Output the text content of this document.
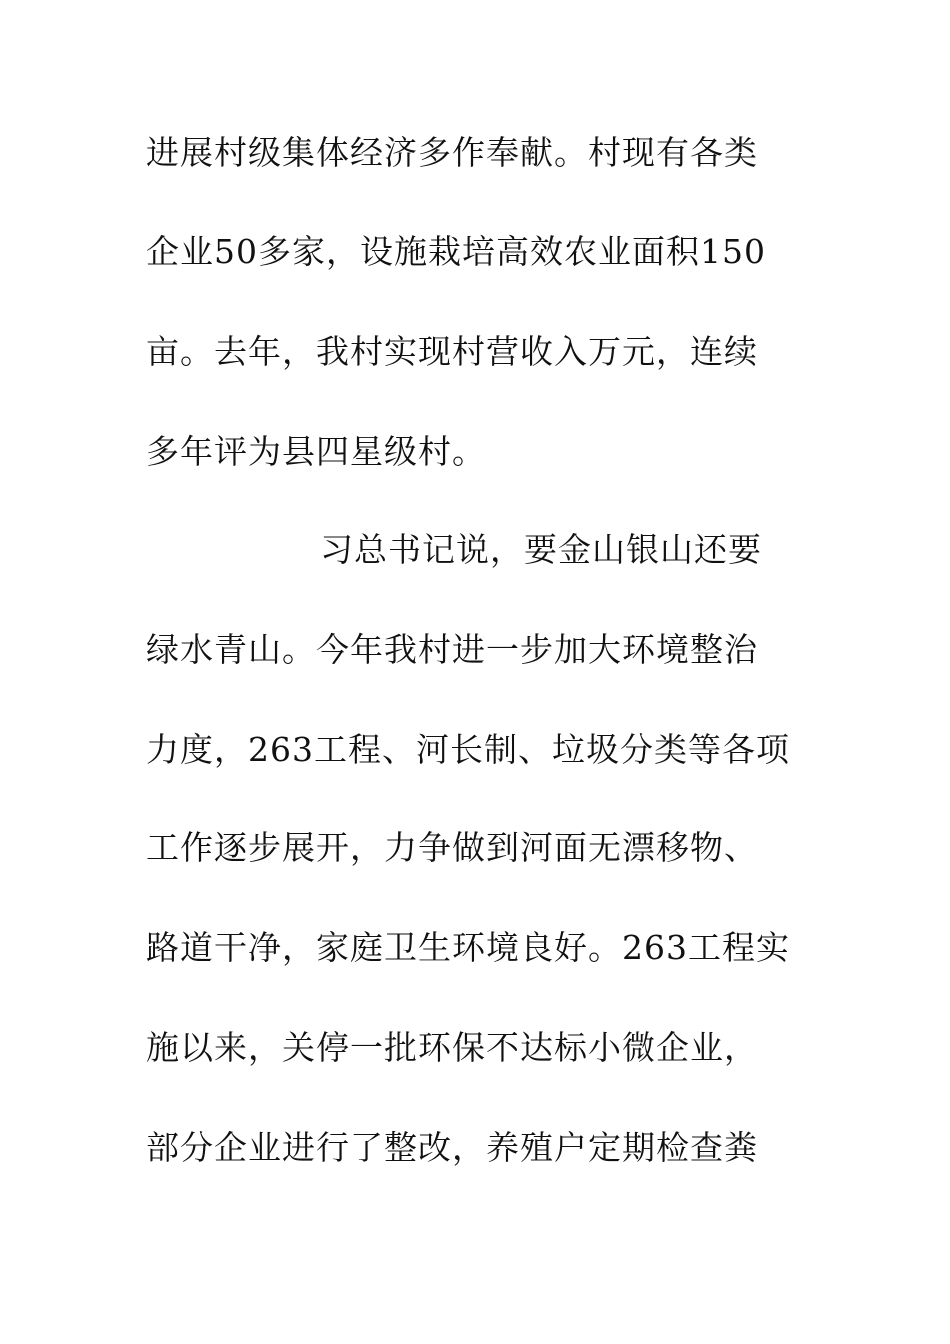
进展村级集体经济多作奉献。村现有各类
企业50多家，设施栽培高效农业面积150
亩。去年，我村实现村营收入万元，连续
多年评为县四星级村。
习总书记说，要金山银山还要
绿水青山。今年我村进一步加大环境整治
力度，263工程、河长制、垃圾分类等各项
工作逐步展开，力争做到河面无漂移物、
路道干净，家庭卫生环境良好。263工程实
施以来，关停一批环保不达标小微企业，
部分企业进行了整改，养殖户定期检查粪
